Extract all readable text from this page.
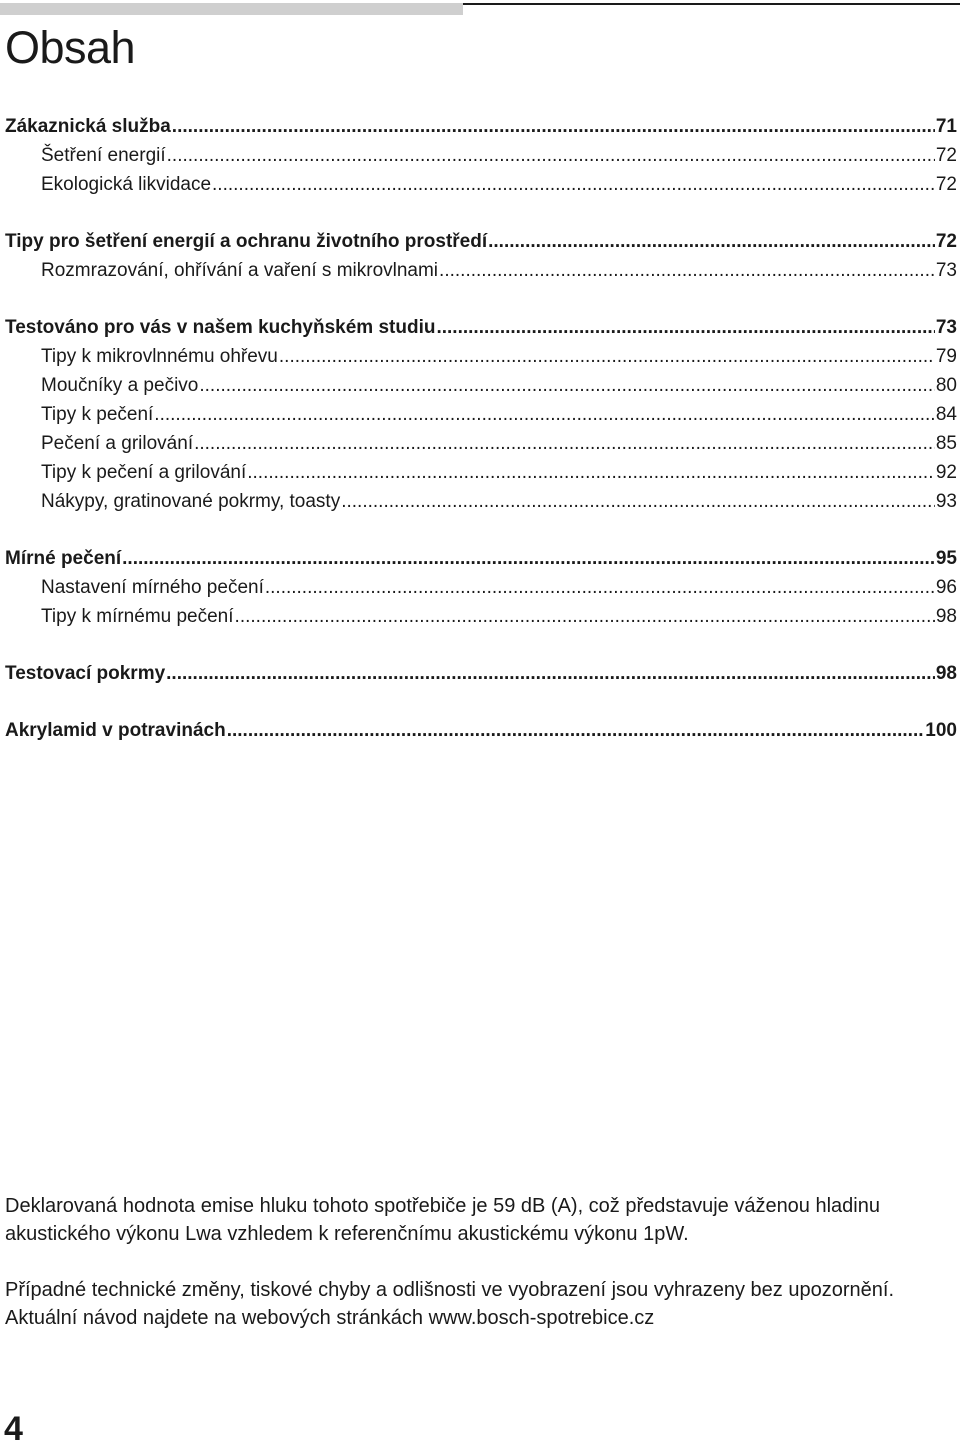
Obsah
Zákaznická služba .....	71
Šetření energií .....	72
Ekologická likvidace .....	72
Tipy pro šetření energií a ochranu životního prostředí .....	72
Rozmrazování, ohřívání a vaření s mikrovlnami .....	73
Testováno pro vás v našem kuchyňském studiu .....	73
Tipy k mikrovlnnému ohřevu .....	79
Moučníky a pečivo .....	80
Tipy k pečení .....	84
Pečení a grilování .....	85
Tipy k pečení a grilování .....	92
Nákypy, gratinované pokrmy, toasty .....	93
Mírné pečení .....	95
Nastavení mírného pečení .....	96
Tipy k mírnému pečení .....	98
Testovací pokrmy .....	98
Akrylamid v potravinách .....	100

Deklarovaná hodnota emise hluku tohoto spotřebiče je 59 dB (A), což představuje váženou hladinu akustického výkonu Lwa vzhledem k referenčnímu akustickému výkonu 1pW.

Případné technické změny, tiskové chyby a odlišnosti ve vyobrazení jsou vyhrazeny bez upozornění. Aktuální návod najdete na webových stránkách www.bosch-spotrebice.cz

4
